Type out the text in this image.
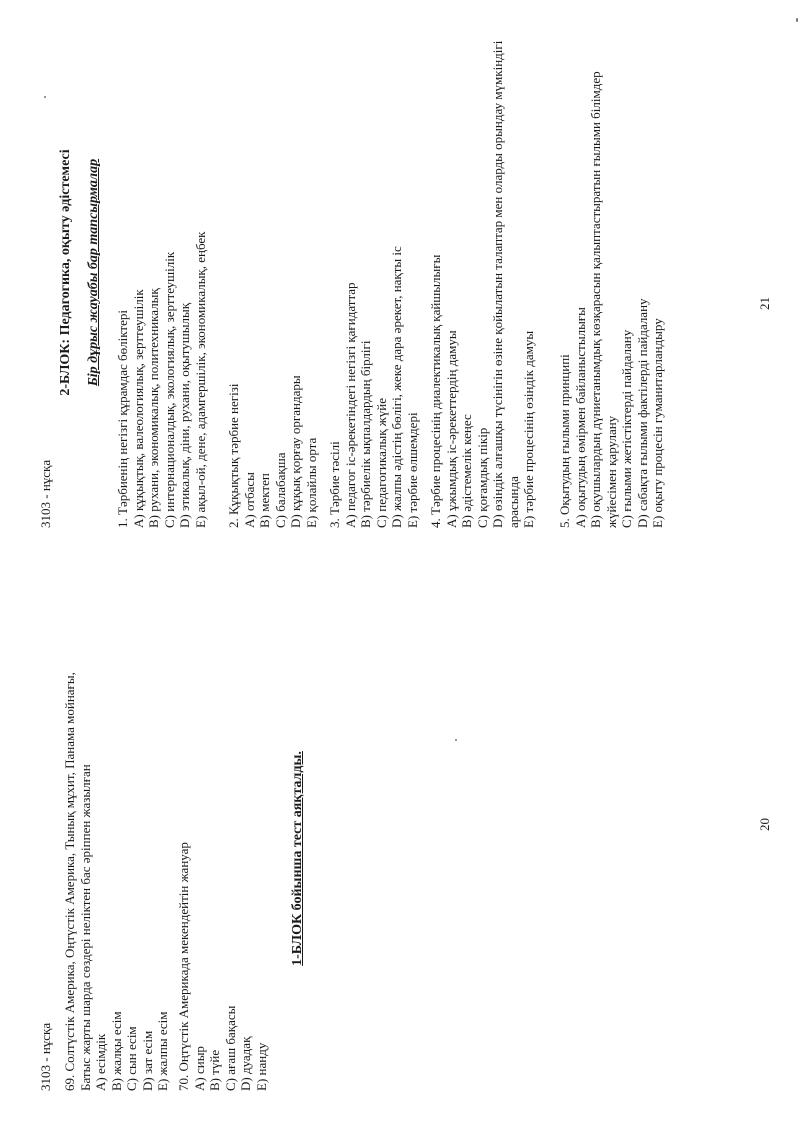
3103 - нұсқа 69. Солтүстік Америка, Оңтүстік Америка, Тынық мұхит, Панама мойнағы, Батыс жарты шарда сөздері неліктен бас әріппен жазылған А) есімдік В) жалқы есім С) сын есім D) зат есім Е) жалпы есім 70. Оңтүстік Америкада мекендейтін жануар А) сиыр В) түйе С) ағаш бақасы D) дуадақ Е) нанду
1-БЛОК бойынша тест аяқталды.	20
3103 - нұсқа
2-БЛОК: Педагогика, оқыту әдістемесі Бір дұрыс жауабы бар тапсырмалар
1. Тәрбиенің негізгі құрамдас бөліктері А) құқықтық, валеологиялық, зерттеушілік В) рухани, экономикалық, политехникалық С) интернационалдық, экологиялық, зерттеушілік D) этикалық, діни, рухани, оқытушылық Е) ақыл-ой, дене, адамгершілік, экономикалық, еңбек 2. Құқықтық тәрбие негізі А) отбасы В) мектеп С) балабақша D) құқық қорғау органдары Е) қолайлы орта 3. Тәрбие тәсілі А) педагог іс-әрекетіндегі негізгі қағидаттар В) тәрбиелік ықпалдардың бірлігі С) педагогикалық жүйе D) жалпы әдістің бөлігі, жеке дара әрекет, нақты іс Е) тәрбие өлшемдері 4. Тәрбие процесінің диалектикалық қайшылығы А) ұжымдық іс-әрекеттердің дамуы В) әдістемелік кеңес С) қоғамдық пікір D) өзіндік алғашқы түсінігін өзіне қойылатын талаптар мен оларды орындау мүмкіндігі арасында Е) тәрбие процесінің өзіндік дамуы 5. Оқытудың ғылыми принципі А) оқытудың өмірмен байланыстылығы В) оқушылардың дүниетанымдық көзқарасын қалыптастыратын ғылыми білімдер жүйесімен қарулану С) ғылыми жетістіктерді пайдалану D) сабақта ғылыми фактілерді пайдалану Е) оқыту процесін гуманитарландыру
21
